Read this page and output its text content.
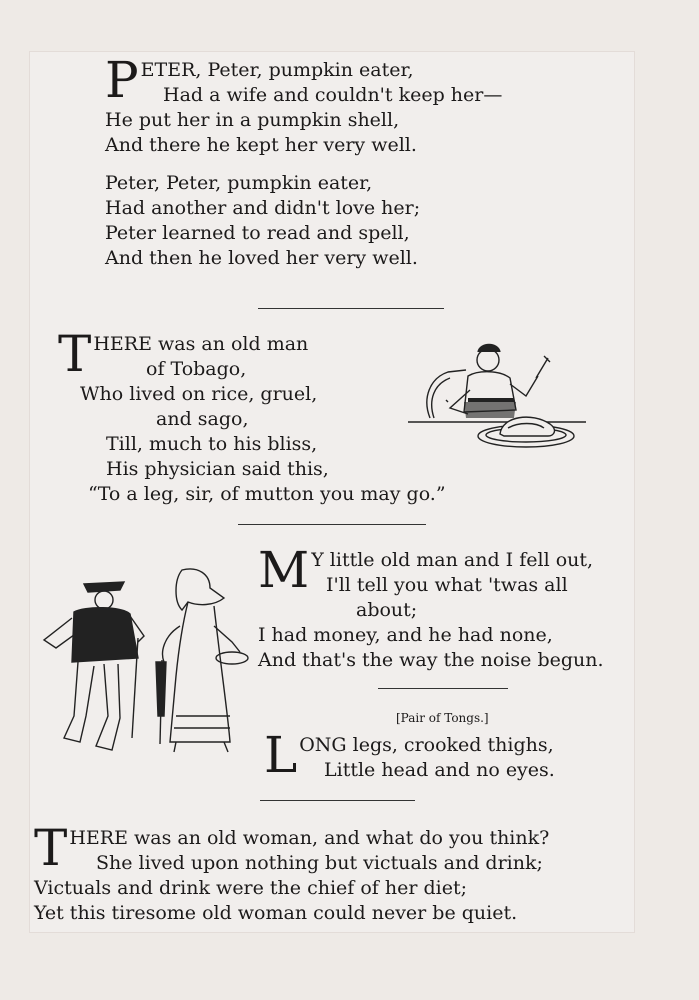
PETER, Peter, pumpkin eater,
Had a wife and couldn't keep her—
He put her in a pumpkin shell,
And there he kept her very well.
Peter, Peter, pumpkin eater,
Had another and didn't love her;
Peter learned to read and spell,
And then he loved her very well.
THERE was an old man
of Tobago,
Who lived on rice, gruel,
and sago,
Till, much to his bliss,
His physician said this,
“To a leg, sir, of mutton you may go.”
M Y little old man and I fell out,
I'll tell you what 'twas all
about;
I had money, and he had none,
And that's the way the noise begun.
[Pair of Tongs.]
LONG legs, crooked thighs,
Little head and no eyes.
THERE was an old woman, and what do you think?
She lived upon nothing but victuals and drink;
Victuals and drink were the chief of her diet;
Yet this tiresome old woman could never be quiet.
